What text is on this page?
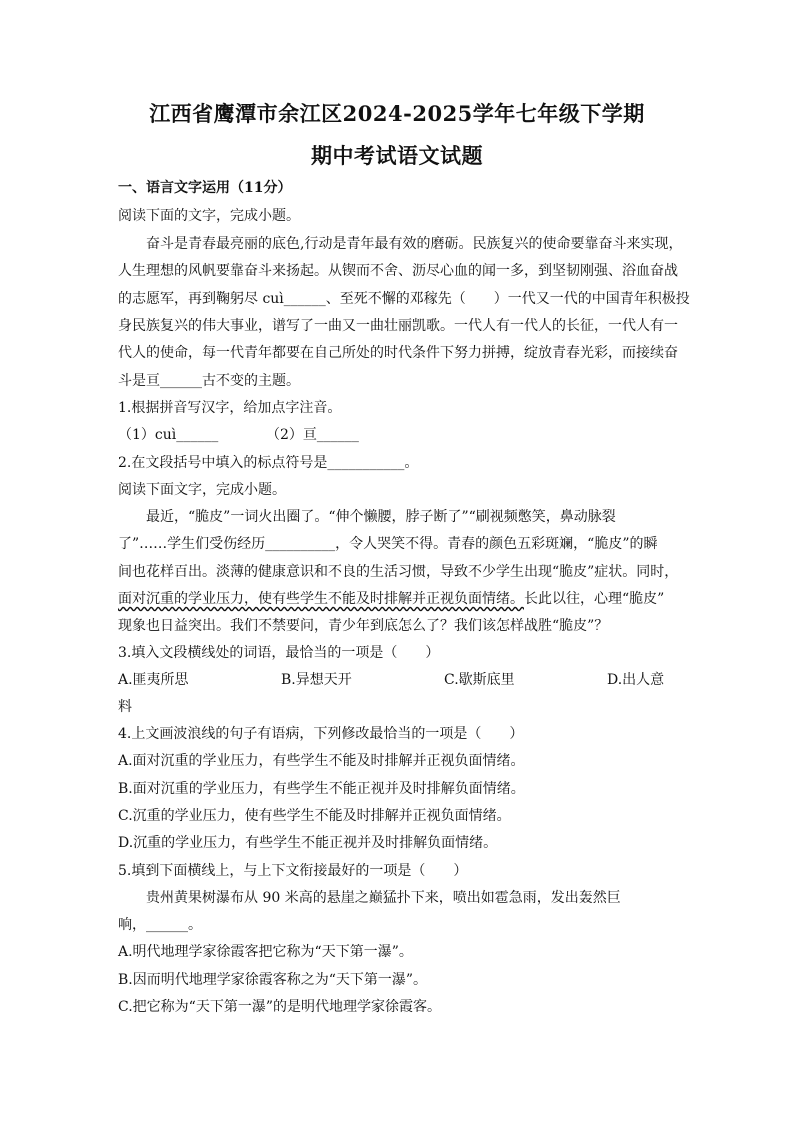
江西省鹰潭市余江区2024-2025学年七年级下学期
期中考试语文试题
一、语言文字运用（11分）
阅读下面的文字，完成小题。
奋斗是青春最亮丽的底色,行动是青年最有效的磨砺。民族复兴的使命要靠奋斗来实现，
人生理想的风帆要靠奋斗来扬起。从锲而不舍、沥尽心血的闻一多，到坚韧刚强、浴血奋战
的志愿军，再到鞠躬尽 cuì______、至死不懈的邓稼先（　　）一代又一代的中国青年积极投
身民族复兴的伟大事业，谱写了一曲又一曲壮丽凯歌。一代人有一代人的长征，一代人有一
代人的使命，每一代青年都要在自己所处的时代条件下努力拼搏，绽放青春光彩，而接续奋
斗是亘______古不变的主题。
1.根据拼音写汉字，给加点字注音。
（1）cuì______	（2）亘______
2.在文段括号中填入的标点符号是___________。
阅读下面文字，完成小题。
最近，“脆皮”一词火出圈了。“伸个懒腰，脖子断了”“刷视频憋笑，鼻动脉裂
了”……学生们受伤经历__________，令人哭笑不得。青春的颜色五彩斑斓，“脆皮”的瞬
间也花样百出。淡薄的健康意识和不良的生活习惯，导致不少学生出现“脆皮”症状。同时，
面对沉重的学业压力，使有些学生不能及时排解并正视负面情绪。长此以往，心理“脆皮”
现象也日益突出。我们不禁要问，青少年到底怎么了？我们该怎样战胜“脆皮”？
3.填入文段横线处的词语，最恰当的一项是（　　）
A.匪夷所思	B.异想天开	C.歇斯底里	D.出人意
料
4.上文画波浪线的句子有语病，下列修改最恰当的一项是（　　）
A.面对沉重的学业压力，有些学生不能及时排解并正视负面情绪。
B.面对沉重的学业压力，有些学生不能正视并及时排解负面情绪。
C.沉重的学业压力，使有些学生不能及时排解并正视负面情绪。
D.沉重的学业压力，有些学生不能正视并及时排解负面情绪。
5.填到下面横线上，与上下文衔接最好的一项是（　　）
贵州黄果树瀑布从 90 米高的悬崖之巅猛扑下来，喷出如雹急雨，发出轰然巨
响，______。
A.明代地理学家徐霞客把它称为“天下第一瀑”。
B.因而明代地理学家徐霞客称之为“天下第一瀑”。
C.把它称为“天下第一瀑”的是明代地理学家徐霞客。
